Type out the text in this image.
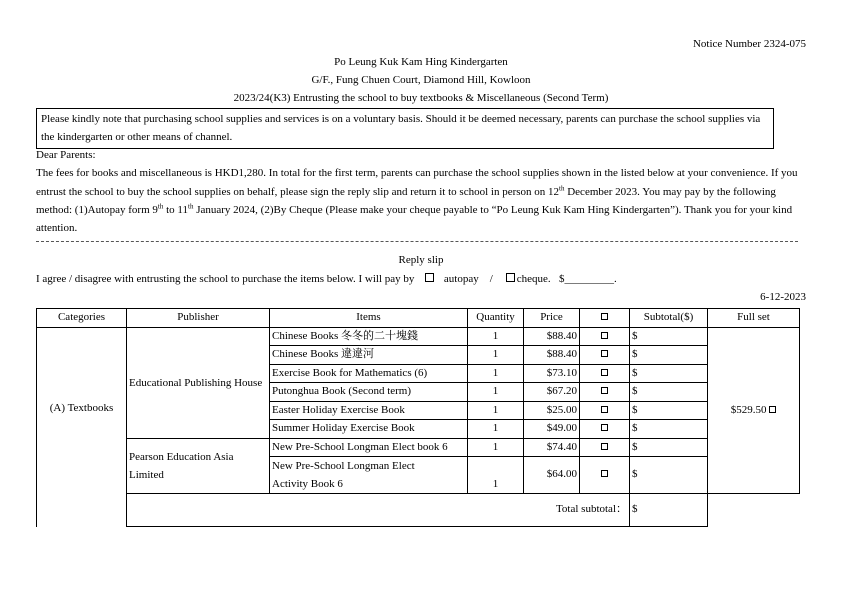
Notice Number 2324-075
Po Leung Kuk Kam Hing Kindergarten
G/F., Fung Chuen Court, Diamond Hill, Kowloon
2023/24(K3) Entrusting the school to buy textbooks & Miscellaneous (Second Term)
Please kindly note that purchasing school supplies and services is on a voluntary basis. Should it be deemed necessary, parents can purchase the school supplies via the kindergarten or other means of channel.

Dear Parents:

The fees for books and miscellaneous is HKD1,280. In total for the first term, parents can purchase the school supplies shown in the listed below at your convenience. If you entrust the school to buy the school supplies on behalf, please sign the reply slip and return it to school in person on 12th December 2023. You may pay by the following method: (1)Autopay form 9th to 11th January 2024, (2)By Cheque (Please make your cheque payable to “Po Leung Kuk Kam Hing Kindergarten”). Thank you for your kind attention.

Reply slip
I agree / disagree with entrusting the school to purchase the items below. I will pay by	autopay / cheque. $_________.
6-12-2023
Categories	Publisher	Items	Quantity	Price		Subtotal($)	Full set
(A) Textbooks	Educational Publishing House	Chinese Books 冬冬的二十塊錢	1	$88.40		$	$529.50
		Chinese Books 違違河	1	$88.40		$	
		Exercise Book for Mathematics (6)	1	$73.10		$	
		Putonghua Book (Second term)	1	$67.20		$	
		Easter Holiday Exercise Book	1	$25.00		$	
		Summer Holiday Exercise Book	1	$49.00		$	
	Pearson Education Asia Limited	New Pre-School Longman Elect book 6	1	$74.40		$	

		New Pre-School Longman Elect
Activity Book 6	1	$64.00		$	
	Total subtotal：					$	
